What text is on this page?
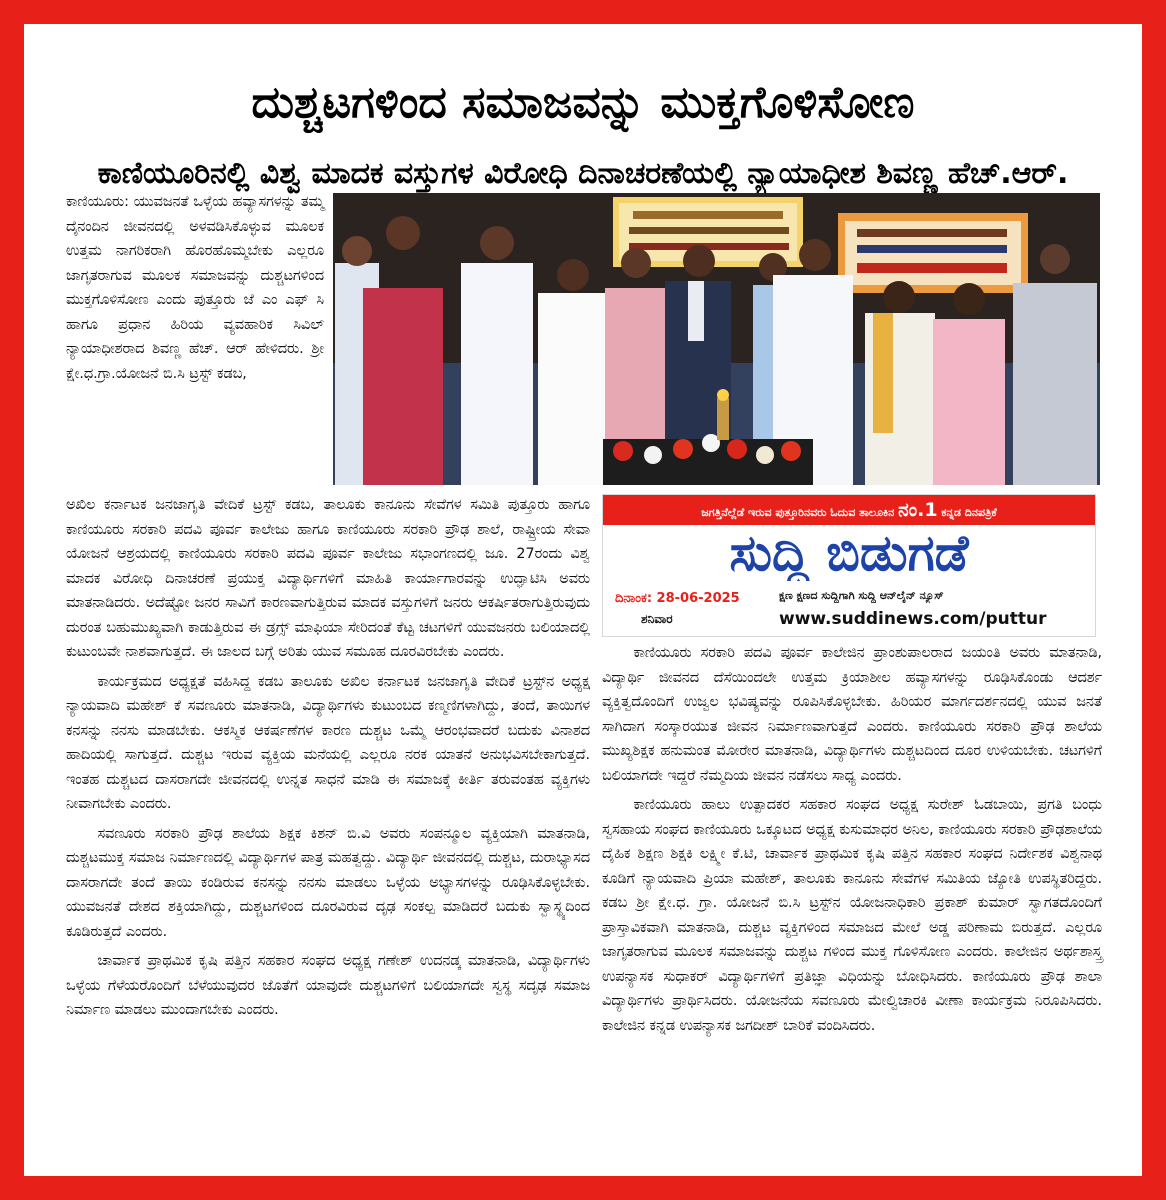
ದುಶ್ಚಟಗಳಿಂದ ಸಮಾಜವನ್ನು ಮುಕ್ತಗೊಳಿಸೋಣ
ಕಾಣಿಯೂರಿನಲ್ಲಿ ವಿಶ್ವ ಮಾದಕ ವಸ್ತುಗಳ ವಿರೋಧಿ ದಿನಾಚರಣೆಯಲ್ಲಿ ನ್ಯಾಯಾಧೀಶ ಶಿವಣ್ಣ ಹೆಚ್.ಆರ್.

ಕಾಣಿಯೂರು: ಯುವಜನತೆ ಒಳ್ಳೆಯ ಹವ್ಯಾಸಗಳನ್ನು ತಮ್ಮ ದೈನಂದಿನ ಜೀವನದಲ್ಲಿ ಅಳವಡಿಸಿಕೊಳ್ಳುವ ಮೂಲಕ ಉತ್ತಮ ನಾಗರಿಕರಾಗಿ ಹೊರಹೊಮ್ಮಬೇಕು ಎಲ್ಲರೂ ಜಾಗೃತರಾಗುವ ಮೂಲಕ ಸಮಾಜವನ್ನು ದುಶ್ಚಟಗಳಿಂದ ಮುಕ್ತಗೊಳಿಸೋಣ ಎಂದು ಪುತ್ತೂರು ಜೆ ಎಂ ಎಫ್ ಸಿ ಹಾಗೂ ಪ್ರಧಾನ ಹಿರಿಯ ವ್ಯವಹಾರಿಕ ಸಿವಿಲ್ ನ್ಯಾಯಾಧೀಶರಾದ ಶಿವಣ್ಣ ಹೆಚ್. ಆರ್ ಹೇಳಿದರು. ಶ್ರೀ ಕ್ಷೇ.ಧ.ಗ್ರಾ.ಯೋಜನೆ ಬಿ.ಸಿ ಟ್ರಸ್ಟ್ ಕಡಬ,

ಜಗತ್ತಿನೆಲ್ಲೆಡೆ ಇರುವ ಪುತ್ತೂರಿನವರು ಓದುವ ತಾಲೂಕಿನ ನಂ.1 ಕನ್ನಡ ದಿನಪತ್ರಿಕೆ
ಸುದ್ದಿ ಬಿಡುಗಡೆ
ದಿನಾಂಕ: 28-06-2025
ಶನಿವಾರ
ಕ್ಷಣ ಕ್ಷಣದ ಸುದ್ದಿಗಾಗಿ ಸುದ್ದಿ ಆನ್‌ಲೈನ್ ನ್ಯೂಸ್
www.suddinews.com/puttur

ಅಖಿಲ ಕರ್ನಾಟಕ ಜನಜಾಗೃತಿ ವೇದಿಕೆ ಟ್ರಸ್ಟ್ ಕಡಬ, ತಾಲೂಕು ಕಾನೂನು ಸೇವೆಗಳ ಸಮಿತಿ ಪುತ್ತೂರು ಹಾಗೂ ಕಾಣಿಯೂರು ಸರಕಾರಿ ಪದವಿ ಪೂರ್ವ ಕಾಲೇಜು ಹಾಗೂ ಕಾಣಿಯೂರು ಸರಕಾರಿ ಪ್ರೌಢ ಶಾಲೆ, ರಾಷ್ಟ್ರೀಯ ಸೇವಾ ಯೋಜನೆ ಆಶ್ರಯದಲ್ಲಿ ಕಾಣಿಯೂರು ಸರಕಾರಿ ಪದವಿ ಪೂರ್ವ ಕಾಲೇಜು ಸಭಾಂಗಣದಲ್ಲಿ ಜೂ. 27ರಂದು ವಿಶ್ವ ಮಾದಕ ವಿರೋಧಿ ದಿನಾಚರಣೆ ಪ್ರಯುಕ್ತ ವಿದ್ಯಾರ್ಥಿಗಳಿಗೆ ಮಾಹಿತಿ ಕಾರ್ಯಾಗಾರವನ್ನು ಉದ್ಘಾಟಿಸಿ ಅವರು ಮಾತನಾಡಿದರು. ಅದೆಷ್ಟೋ ಜನರ ಸಾವಿಗೆ ಕಾರಣವಾಗುತ್ತಿರುವ ಮಾದಕ ವಸ್ತುಗಳಿಗೆ ಜನರು ಆಕರ್ಷಿತರಾಗುತ್ತಿರುವುದು ದುರಂತ ಬಹುಮುಖ್ಯವಾಗಿ ಕಾಡುತ್ತಿರುವ ಈ ಡ್ರಗ್ಸ್ ಮಾಫಿಯಾ ಸೇರಿದಂತೆ ಕೆಟ್ಟ ಚಟಗಳಿಗೆ ಯುವಜನರು ಬಲಿಯಾದಲ್ಲಿ ಕುಟುಂಬವೇ ನಾಶವಾಗುತ್ತದೆ. ಈ ಜಾಲದ ಬಗ್ಗೆ ಅರಿತು ಯುವ ಸಮೂಹ ದೂರವಿರಬೇಕು ಎಂದರು.

ಕಾರ್ಯಕ್ರಮದ ಅಧ್ಯಕ್ಷತೆ ವಹಿಸಿದ್ದ ಕಡಬ ತಾಲೂಕು ಅಖಿಲ ಕರ್ನಾಟಕ ಜನಜಾಗೃತಿ ವೇದಿಕೆ ಟ್ರಸ್ಟ್‌ನ ಅಧ್ಯಕ್ಷ ನ್ಯಾಯವಾದಿ ಮಹೇಶ್ ಕೆ ಸವಣೂರು ಮಾತನಾಡಿ, ವಿದ್ಯಾರ್ಥಿಗಳು ಕುಟುಂಬದ ಕಣ್ಮಣಿಗಳಾಗಿದ್ದು, ತಂದೆ, ತಾಯಿಗಳ ಕನಸನ್ನು ನನಸು ಮಾಡಬೇಕು. ಆಕಸ್ಮಿಕ ಆಕರ್ಷಣೆಗಳ ಕಾರಣ ದುಶ್ಚಟ ಒಮ್ಮೆ ಆರಂಭವಾದರೆ ಬದುಕು ವಿನಾಶದ ಹಾದಿಯಲ್ಲಿ ಸಾಗುತ್ತದೆ. ದುಶ್ಚಟ ಇರುವ ವ್ಯಕ್ತಿಯ ಮನೆಯಲ್ಲಿ ಎಲ್ಲರೂ ನರಕ ಯಾತನೆ ಅನುಭವಿಸಬೇಕಾಗುತ್ತದೆ. ಇಂತಹ ದುಶ್ಚಟದ ದಾಸರಾಗದೇ ಜೀವನದಲ್ಲಿ ಉನ್ನತ ಸಾಧನೆ ಮಾಡಿ ಈ ಸಮಾಜಕ್ಕೆ ಕೀರ್ತಿ ತರುವಂತಹ ವ್ಯಕ್ತಿಗಳು ನೀವಾಗಬೇಕು ಎಂದರು.

ಸವಣೂರು ಸರಕಾರಿ ಪ್ರೌಢ ಶಾಲೆಯ ಶಿಕ್ಷಕ ಕಿಶನ್ ಬಿ.ವಿ ಅವರು ಸಂಪನ್ಮೂಲ ವ್ಯಕ್ತಿಯಾಗಿ ಮಾತನಾಡಿ, ದುಶ್ಚಟಮುಕ್ತ ಸಮಾಜ ನಿರ್ಮಾಣದಲ್ಲಿ ವಿದ್ಯಾರ್ಥಿಗಳ ಪಾತ್ರ ಮಹತ್ವದ್ದು. ವಿದ್ಯಾರ್ಥಿ ಜೀವನದಲ್ಲಿ ದುಶ್ಚಟ, ದುರಾಭ್ಯಾಸದ ದಾಸರಾಗದೇ ತಂದೆ ತಾಯಿ ಕಂಡಿರುವ ಕನಸನ್ನು ನನಸು ಮಾಡಲು ಒಳ್ಳೆಯ ಅಭ್ಯಾಸಗಳನ್ನು ರೂಢಿಸಿಕೊಳ್ಳಬೇಕು. ಯುವಜನತೆ ದೇಶದ ಶಕ್ತಿಯಾಗಿದ್ದು, ದುಶ್ಚಟಗಳಿಂದ ದೂರವಿರುವ ದೃಢ ಸಂಕಲ್ಪ ಮಾಡಿದರೆ ಬದುಕು ಸ್ವಾಸ್ಥ್ಯದಿಂದ ಕೂಡಿರುತ್ತದೆ ಎಂದರು.

ಚಾರ್ವಾಕ ಪ್ರಾಥಮಿಕ ಕೃಷಿ ಪತ್ತಿನ ಸಹಕಾರ ಸಂಘದ ಅಧ್ಯಕ್ಷ ಗಣೇಶ್ ಉದನಡ್ಕ ಮಾತನಾಡಿ, ವಿದ್ಯಾರ್ಥಿಗಳು ಒಳ್ಳೆಯ ಗೆಳೆಯರೊಂದಿಗೆ ಬೆಳೆಯುವುದರ ಜೊತೆಗೆ ಯಾವುದೇ ದುಶ್ಚಟಗಳಿಗೆ ಬಲಿಯಾಗದೇ ಸ್ವಸ್ಥ ಸದೃಢ ಸಮಾಜ ನಿರ್ಮಾಣ ಮಾಡಲು ಮುಂದಾಗಬೇಕು ಎಂದರು.

ಕಾಣಿಯೂರು ಸರಕಾರಿ ಪದವಿ ಪೂರ್ವ ಕಾಲೇಜಿನ ಪ್ರಾಂಶುಪಾಲರಾದ ಜಯಂತಿ ಅವರು ಮಾತನಾಡಿ, ವಿದ್ಯಾರ್ಥಿ ಜೀವನದ ದೆಸೆಯಿಂದಲೇ ಉತ್ತಮ ಕ್ರಿಯಾಶೀಲ ಹವ್ಯಾಸಗಳನ್ನು ರೂಢಿಸಿಕೊಂಡು ಆದರ್ಶ ವ್ಯಕ್ತಿತ್ವದೊಂದಿಗೆ ಉಜ್ವಲ ಭವಿಷ್ಯವನ್ನು ರೂಪಿಸಿಕೊಳ್ಳಬೇಕು. ಹಿರಿಯರ ಮಾರ್ಗದರ್ಶನದಲ್ಲಿ ಯುವ ಜನತೆ ಸಾಗಿದಾಗ ಸಂಸ್ಕಾರಯುತ ಜೀವನ ನಿರ್ಮಾಣವಾಗುತ್ತದೆ ಎಂದರು. ಕಾಣಿಯೂರು ಸರಕಾರಿ ಪ್ರೌಢ ಶಾಲೆಯ ಮುಖ್ಯಶಿಕ್ಷಕ ಹನುಮಂತ ಮೋರೇರ ಮಾತನಾಡಿ, ವಿದ್ಯಾರ್ಥಿಗಳು ದುಶ್ಚಟದಿಂದ ದೂರ ಉಳಿಯಬೇಕು. ಚಟಗಳಿಗೆ ಬಲಿಯಾಗದೇ ಇದ್ದರೆ ನೆಮ್ಮದಿಯ ಜೀವನ ನಡೆಸಲು ಸಾಧ್ಯ ಎಂದರು.

ಕಾಣಿಯೂರು ಹಾಲು ಉತ್ಪಾದಕರ ಸಹಕಾರ ಸಂಘದ ಅಧ್ಯಕ್ಷ ಸುರೇಶ್ ಓಡಬಾಯಿ, ಪ್ರಗತಿ ಬಂಧು ಸ್ವಸಹಾಯ ಸಂಘದ ಕಾಣಿಯೂರು ಒಕ್ಕೂಟದ ಅಧ್ಯಕ್ಷ ಕುಸುಮಾಧರ ಅನಿಲ, ಕಾಣಿಯೂರು ಸರಕಾರಿ ಪ್ರೌಢಶಾಲೆಯ ದೈಹಿಕ ಶಿಕ್ಷಣ ಶಿಕ್ಷಕಿ ಲಕ್ಷ್ಮೀ ಕೆ.ಟಿ, ಚಾರ್ವಾಕ ಪ್ರಾಥಮಿಕ ಕೃಷಿ ಪತ್ತಿನ ಸಹಕಾರ ಸಂಘದ ನಿರ್ದೇಶಕ ವಿಶ್ವನಾಥ ಕೂಡಿಗೆ ನ್ಯಾಯವಾದಿ ಪ್ರಿಯಾ ಮಹೇಶ್, ತಾಲೂಕು ಕಾನೂನು ಸೇವೆಗಳ ಸಮಿತಿಯ ಜ್ಯೋತಿ ಉಪಸ್ಥಿತರಿದ್ದರು. ಕಡಬ ಶ್ರೀ ಕ್ಷೇ.ಧ. ಗ್ರಾ. ಯೋಜನೆ ಬಿ.ಸಿ ಟ್ರಸ್ಟ್‌ನ ಯೋಜನಾಧಿಕಾರಿ ಪ್ರಕಾಶ್ ಕುಮಾರ್ ಸ್ವಾಗತದೊಂದಿಗೆ ಪ್ರಾಸ್ತಾವಿಕವಾಗಿ ಮಾತನಾಡಿ, ದುಶ್ಚಟ ವ್ಯಕ್ತಿಗಳಿಂದ ಸಮಾಜದ ಮೇಲೆ ಅಡ್ಡ ಪರಿಣಾಮ ಬಿರುತ್ತದೆ. ಎಲ್ಲರೂ ಜಾಗೃತರಾಗುವ ಮೂಲಕ ಸಮಾಜವನ್ನು ದುಶ್ಚಟ ಗಳಿಂದ ಮುಕ್ತ ಗೊಳಿಸೋಣ ಎಂದರು. ಕಾಲೇಜಿನ ಅರ್ಥಶಾಸ್ತ್ರ ಉಪನ್ಯಾಸಕ ಸುಧಾಕರ್ ವಿದ್ಯಾರ್ಥಿಗಳಿಗೆ ಪ್ರತಿಜ್ಞಾ ವಿಧಿಯನ್ನು ಬೋಧಿಸಿದರು. ಕಾಣಿಯೂರು ಪ್ರೌಢ ಶಾಲಾ ವಿದ್ಯಾರ್ಥಿಗಳು ಪ್ರಾರ್ಥಿಸಿದರು. ಯೋಜನೆಯ ಸವಣೂರು ಮೇಲ್ವಿಚಾರಕಿ ವೀಣಾ ಕಾರ್ಯಕ್ರಮ ನಿರೂಪಿಸಿದರು. ಕಾಲೇಜಿನ ಕನ್ನಡ ಉಪನ್ಯಾಸಕ ಜಗದೀಶ್ ಬಾರಿಕೆ ವಂದಿಸಿದರು.
